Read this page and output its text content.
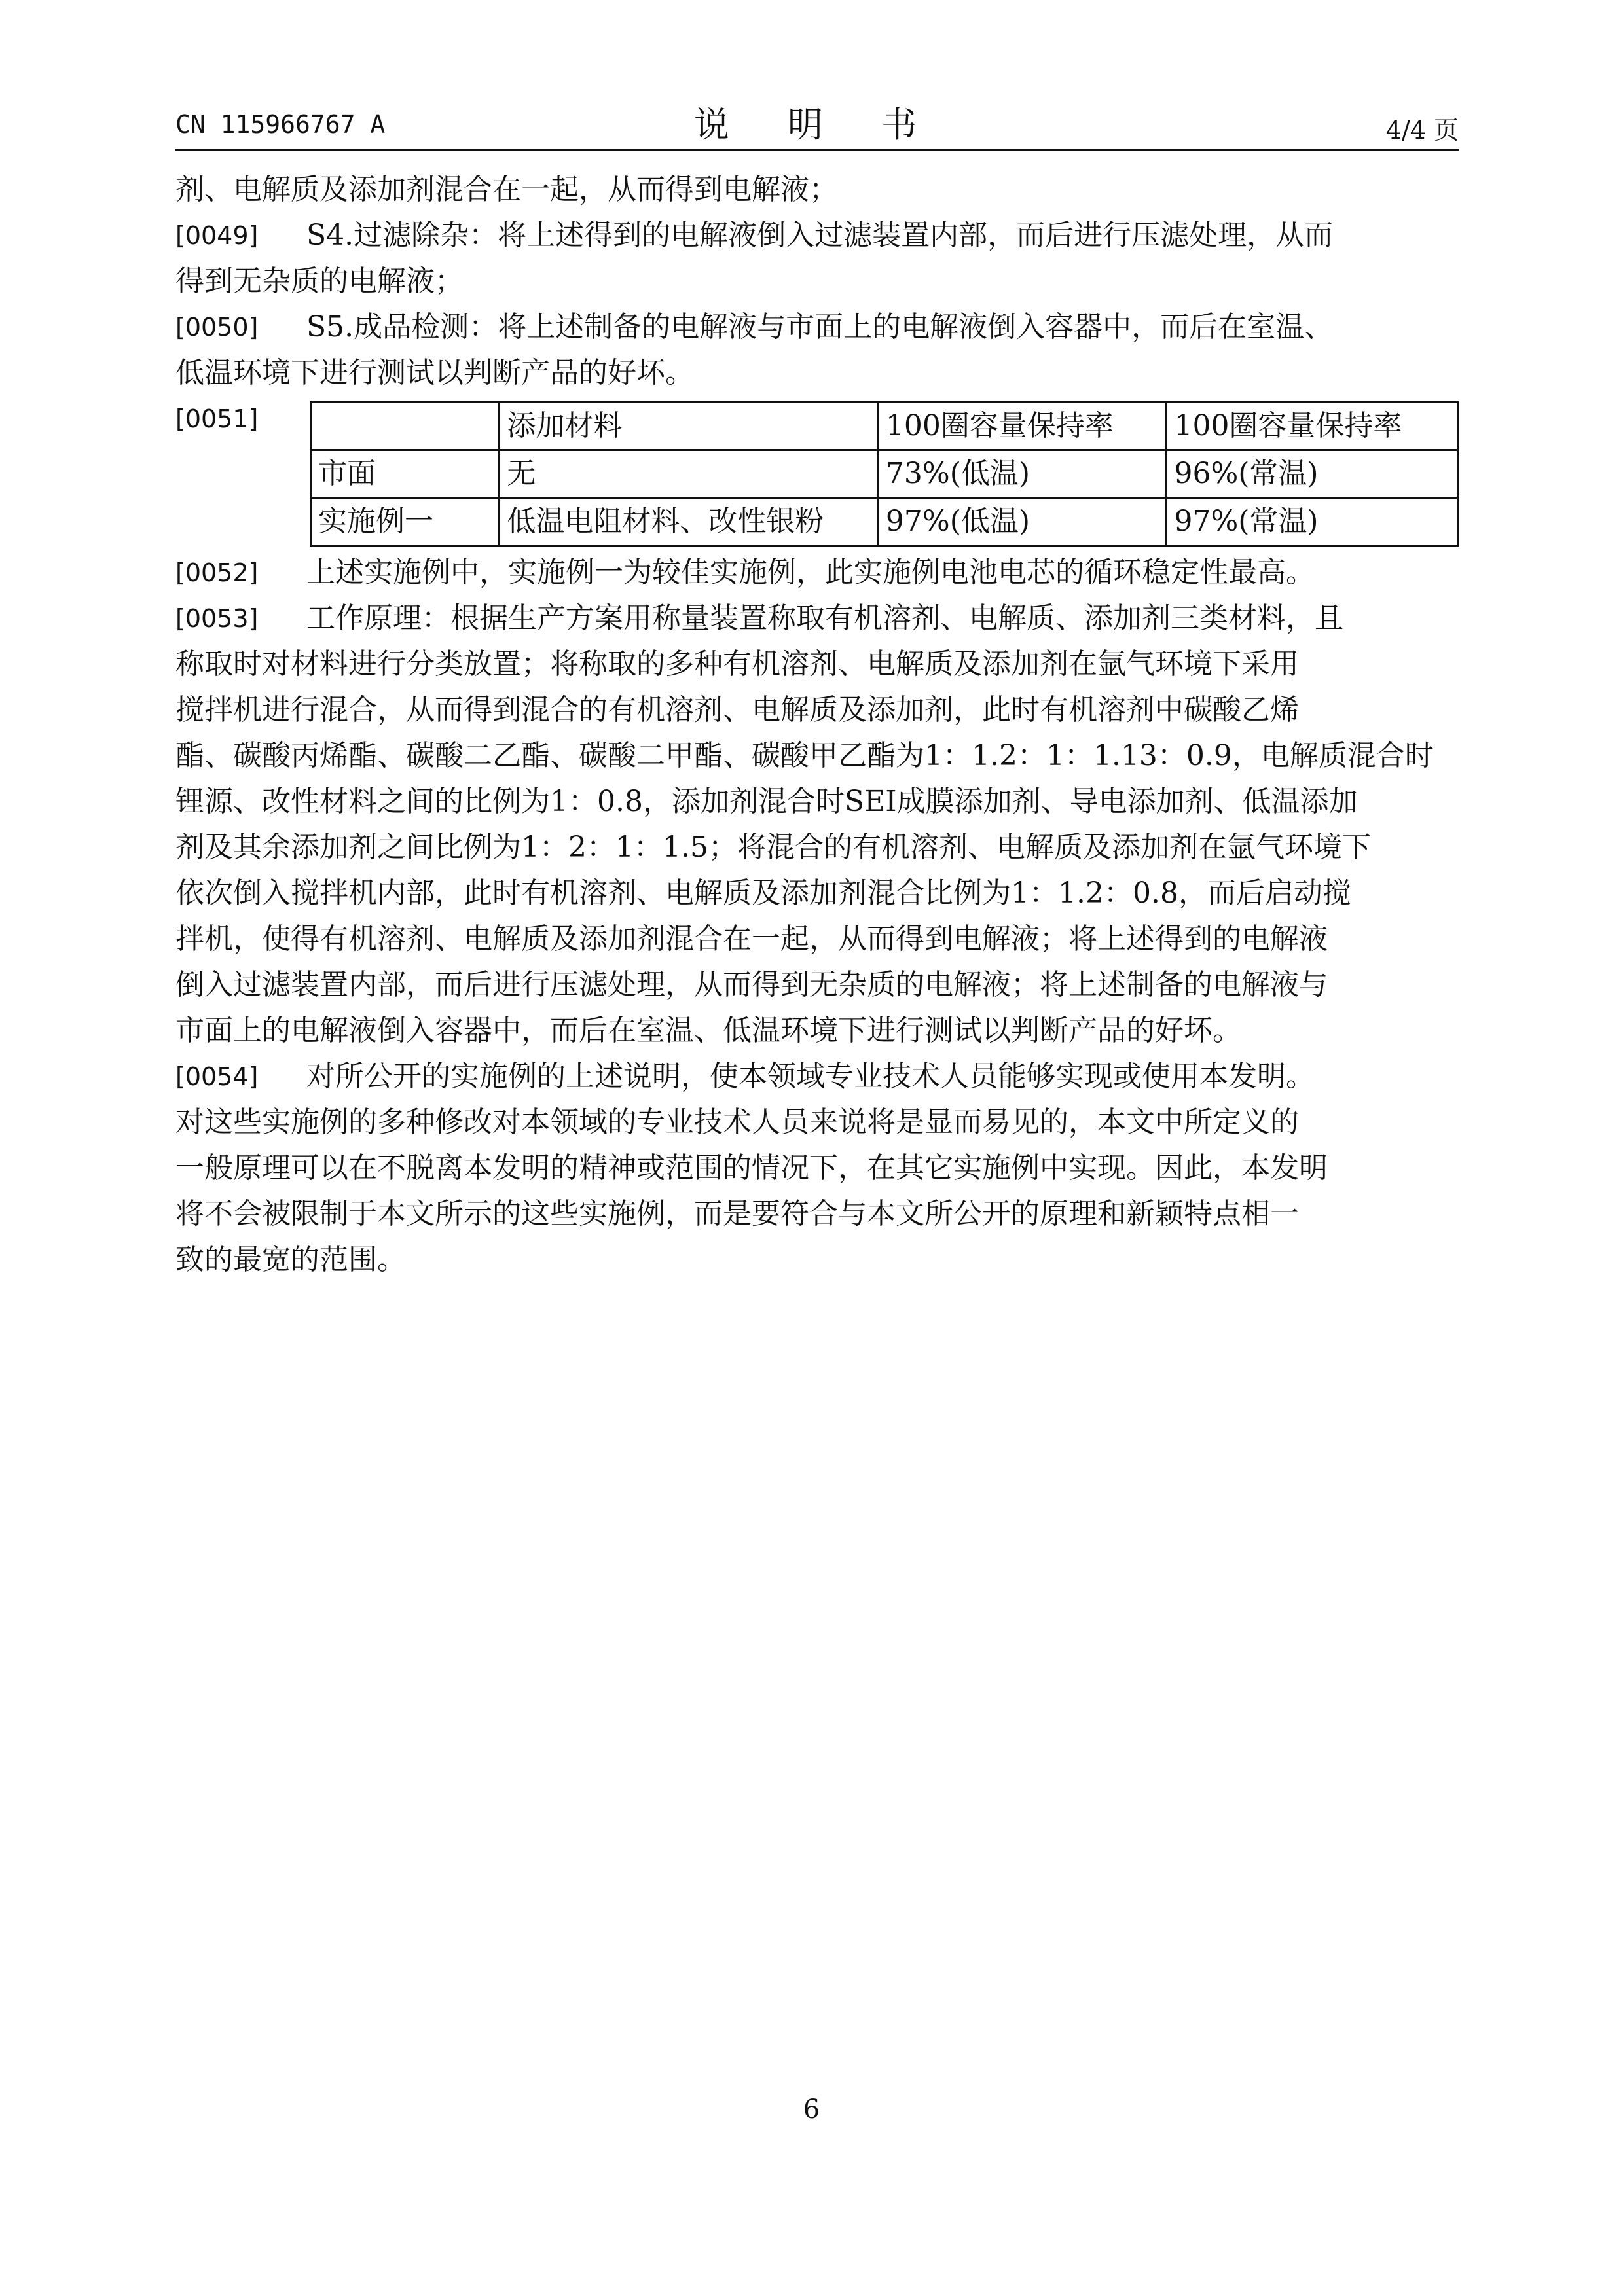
CN 115966767 A	说 明 书	4/4 页
剂、电解质及添加剂混合在一起，从而得到电解液；
[0049]	S4.过滤除杂：将上述得到的电解液倒入过滤装置内部，而后进行压滤处理，从而
得到无杂质的电解液；
[0050]	S5.成品检测：将上述制备的电解液与市面上的电解液倒入容器中，而后在室温、
低温环境下进行测试以判断产品的好坏。
[0051]
		添加材料	100圈容量保持率	100圈容量保持率
市面	无	73%(低温)	96%(常温)
实施例一	低温电阻材料、改性银粉	97%(低温)	97%(常温)
[0052]	上述实施例中，实施例一为较佳实施例，此实施例电池电芯的循环稳定性最高。
[0053]	工作原理：根据生产方案用称量装置称取有机溶剂、电解质、添加剂三类材料，且
称取时对材料进行分类放置；将称取的多种有机溶剂、电解质及添加剂在氩气环境下采用
搅拌机进行混合，从而得到混合的有机溶剂、电解质及添加剂，此时有机溶剂中碳酸乙烯
酯、碳酸丙烯酯、碳酸二乙酯、碳酸二甲酯、碳酸甲乙酯为1：1.2：1：1.13：0.9，电解质混合时
锂源、改性材料之间的比例为1：0.8，添加剂混合时SEI成膜添加剂、导电添加剂、低温添加
剂及其余添加剂之间比例为1：2：1：1.5；将混合的有机溶剂、电解质及添加剂在氩气环境下
依次倒入搅拌机内部，此时有机溶剂、电解质及添加剂混合比例为1：1.2：0.8，而后启动搅
拌机，使得有机溶剂、电解质及添加剂混合在一起，从而得到电解液；将上述得到的电解液
倒入过滤装置内部，而后进行压滤处理，从而得到无杂质的电解液；将上述制备的电解液与
市面上的电解液倒入容器中，而后在室温、低温环境下进行测试以判断产品的好坏。
[0054]	对所公开的实施例的上述说明，使本领域专业技术人员能够实现或使用本发明。
对这些实施例的多种修改对本领域的专业技术人员来说将是显而易见的，本文中所定义的
一般原理可以在不脱离本发明的精神或范围的情况下，在其它实施例中实现。因此，本发明
将不会被限制于本文所示的这些实施例，而是要符合与本文所公开的原理和新颖特点相一
致的最宽的范围。
6
